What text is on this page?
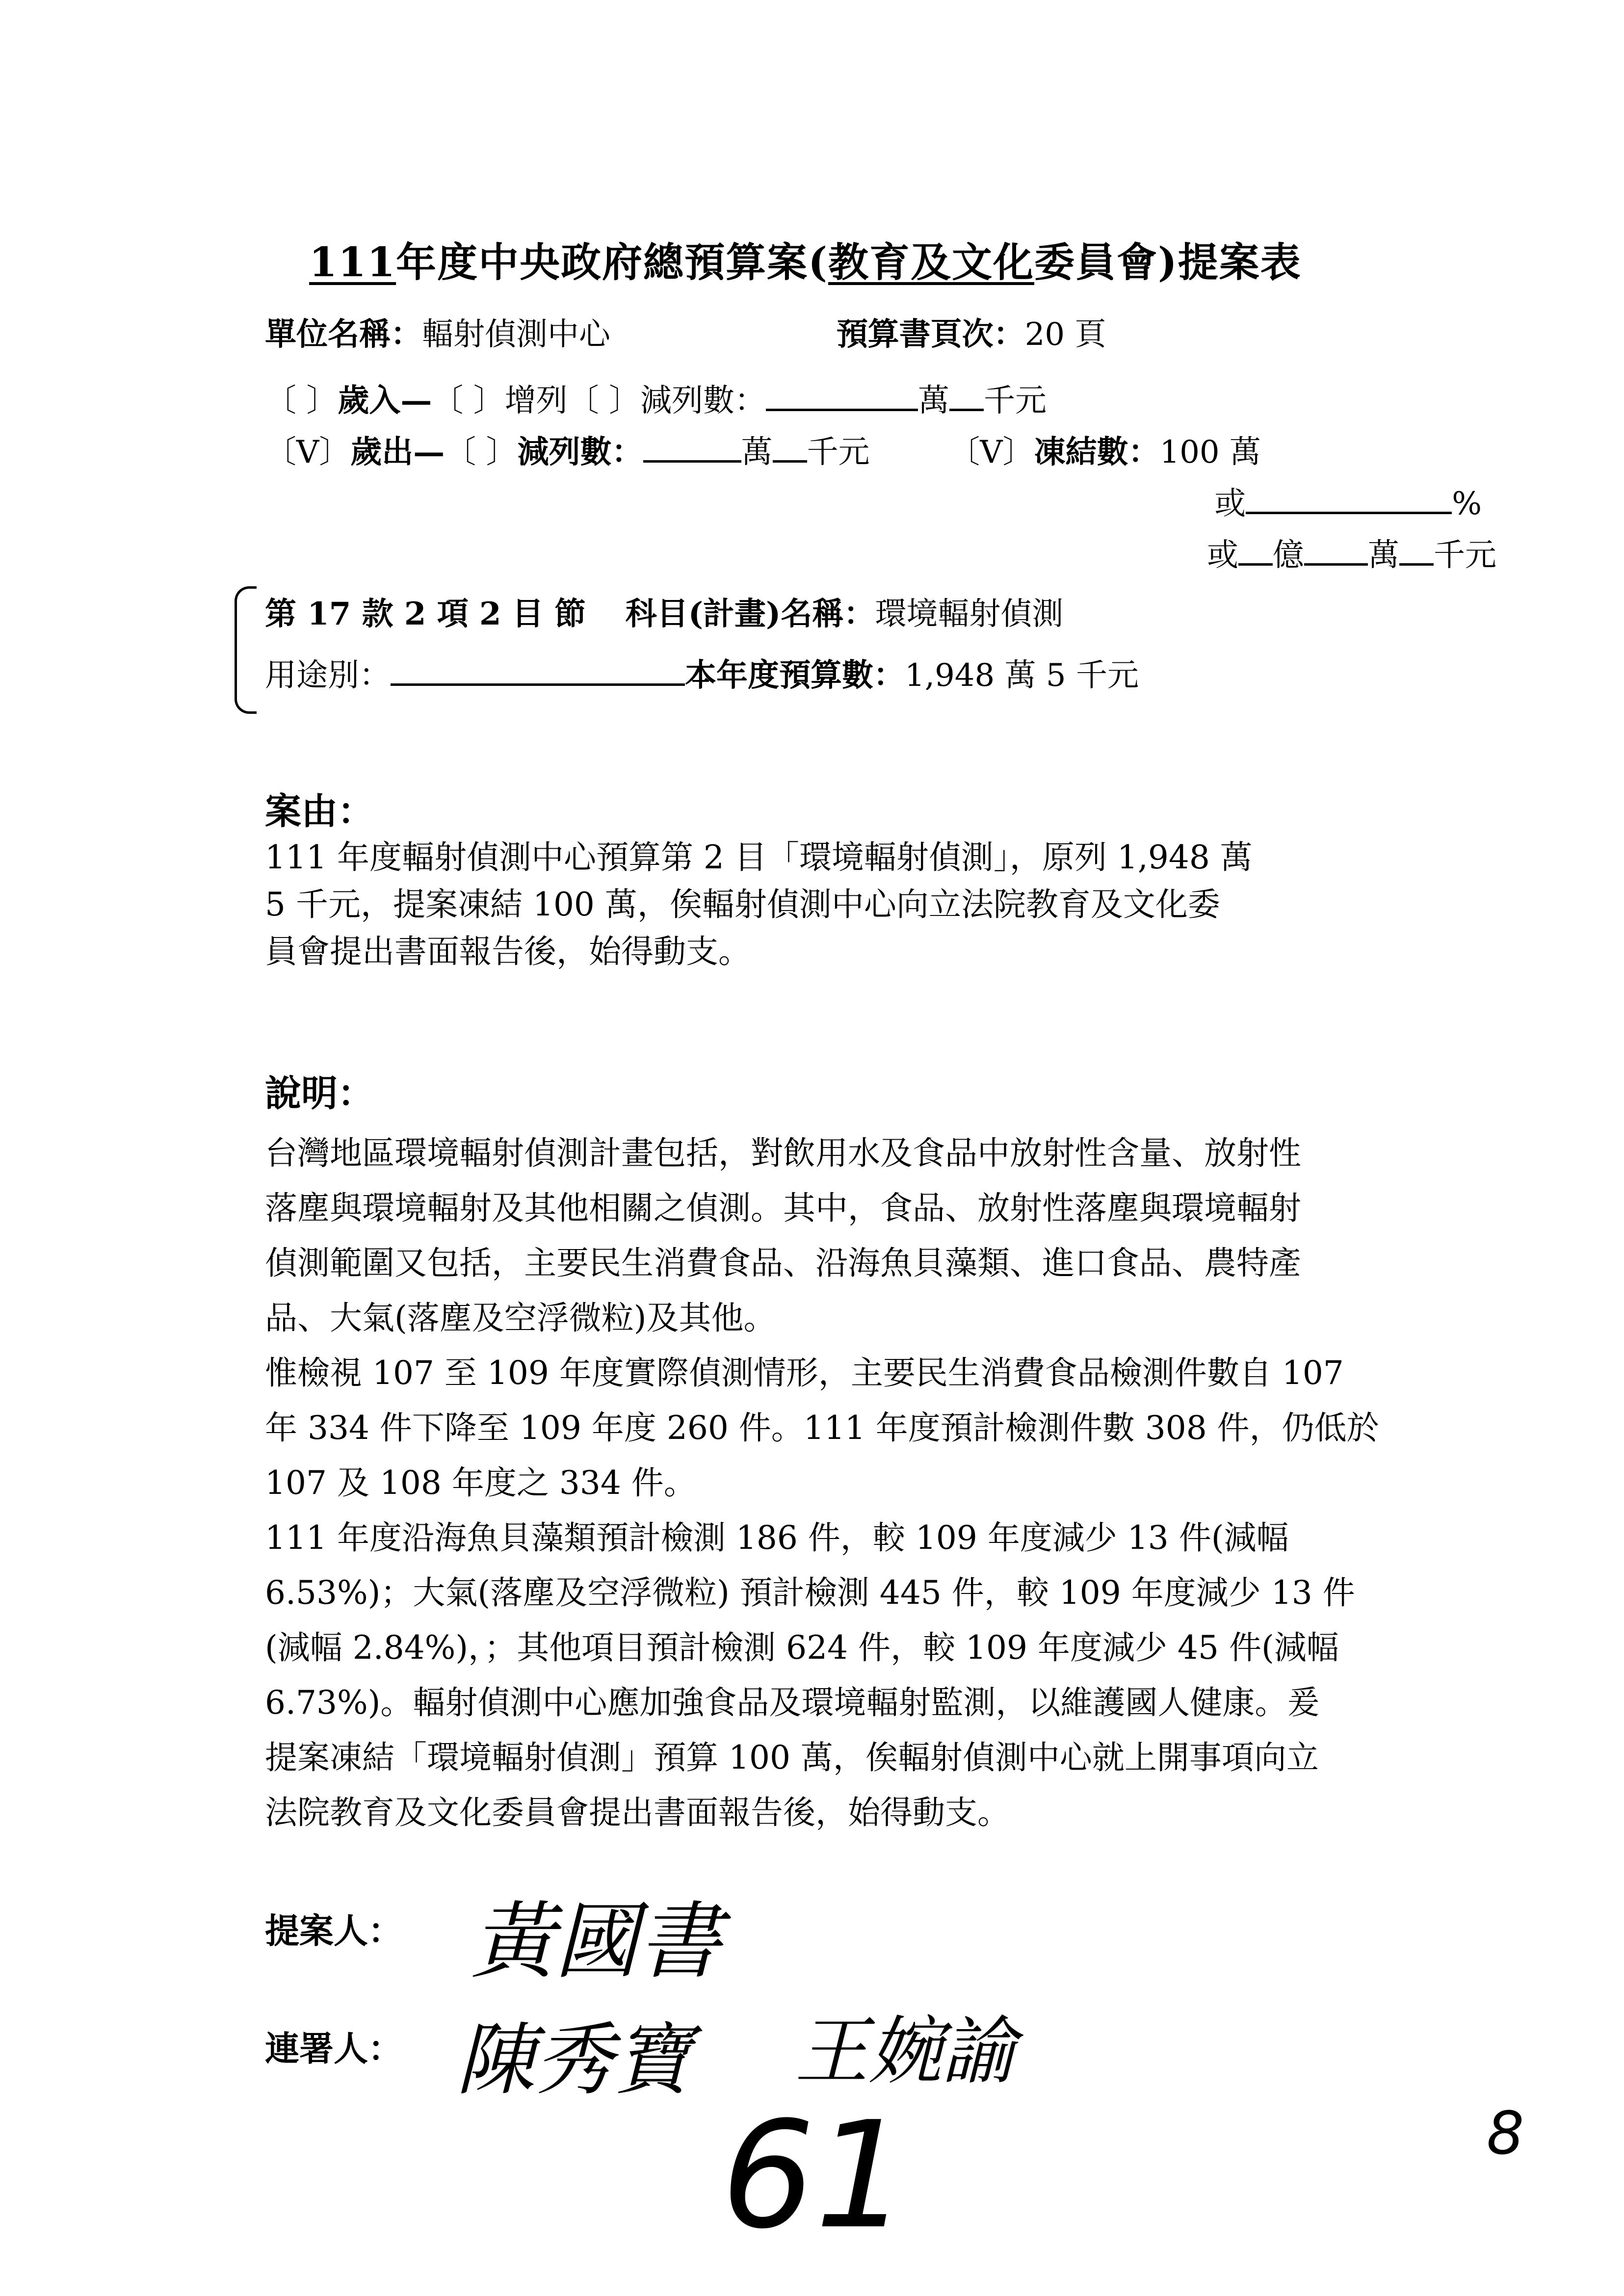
111年度中央政府總預算案(教育及文化委員會)提案表
單位名稱：輻射偵測中心	預算書頁次：20 頁
〔 〕歲入—〔 〕增列〔 〕減列數：	萬 千元
〔V〕歲出—〔 〕減列數：	萬 千元	〔V〕凍結數：100 萬
或	%
或 億 萬 千元
第 17 款 2 項 2 目 節 科目(計畫)名稱：環境輻射偵測
用途別：	本年度預算數：1,948 萬 5 千元
案由：
111 年度輻射偵測中心預算第 2 目「環境輻射偵測」，原列 1,948 萬
5 千元，提案凍結 100 萬，俟輻射偵測中心向立法院教育及文化委
員會提出書面報告後，始得動支。
說明：
台灣地區環境輻射偵測計畫包括，對飲用水及食品中放射性含量、放射性
落塵與環境輻射及其他相關之偵測。其中，食品、放射性落塵與環境輻射
偵測範圍又包括，主要民生消費食品、沿海魚貝藻類、進口食品、農特產
品、大氣(落塵及空浮微粒)及其他。
惟檢視 107 至 109 年度實際偵測情形，主要民生消費食品檢測件數自 107
年 334 件下降至 109 年度 260 件。111 年度預計檢測件數 308 件，仍低於
107 及 108 年度之 334 件。
111 年度沿海魚貝藻類預計檢測 186 件，較 109 年度減少 13 件(減幅
6.53%)；大氣(落塵及空浮微粒) 預計檢測 445 件，較 109 年度減少 13 件
(減幅 2.84%)，；其他項目預計檢測 624 件，較 109 年度減少 45 件(減幅
6.73%)。輻射偵測中心應加強食品及環境輻射監測，以維護國人健康。爰
提案凍結「環境輻射偵測」預算 100 萬，俟輻射偵測中心就上開事項向立
法院教育及文化委員會提出書面報告後，始得動支。
提案人： 黃國書
連署人： 陳秀寶 王婉諭
61	8
